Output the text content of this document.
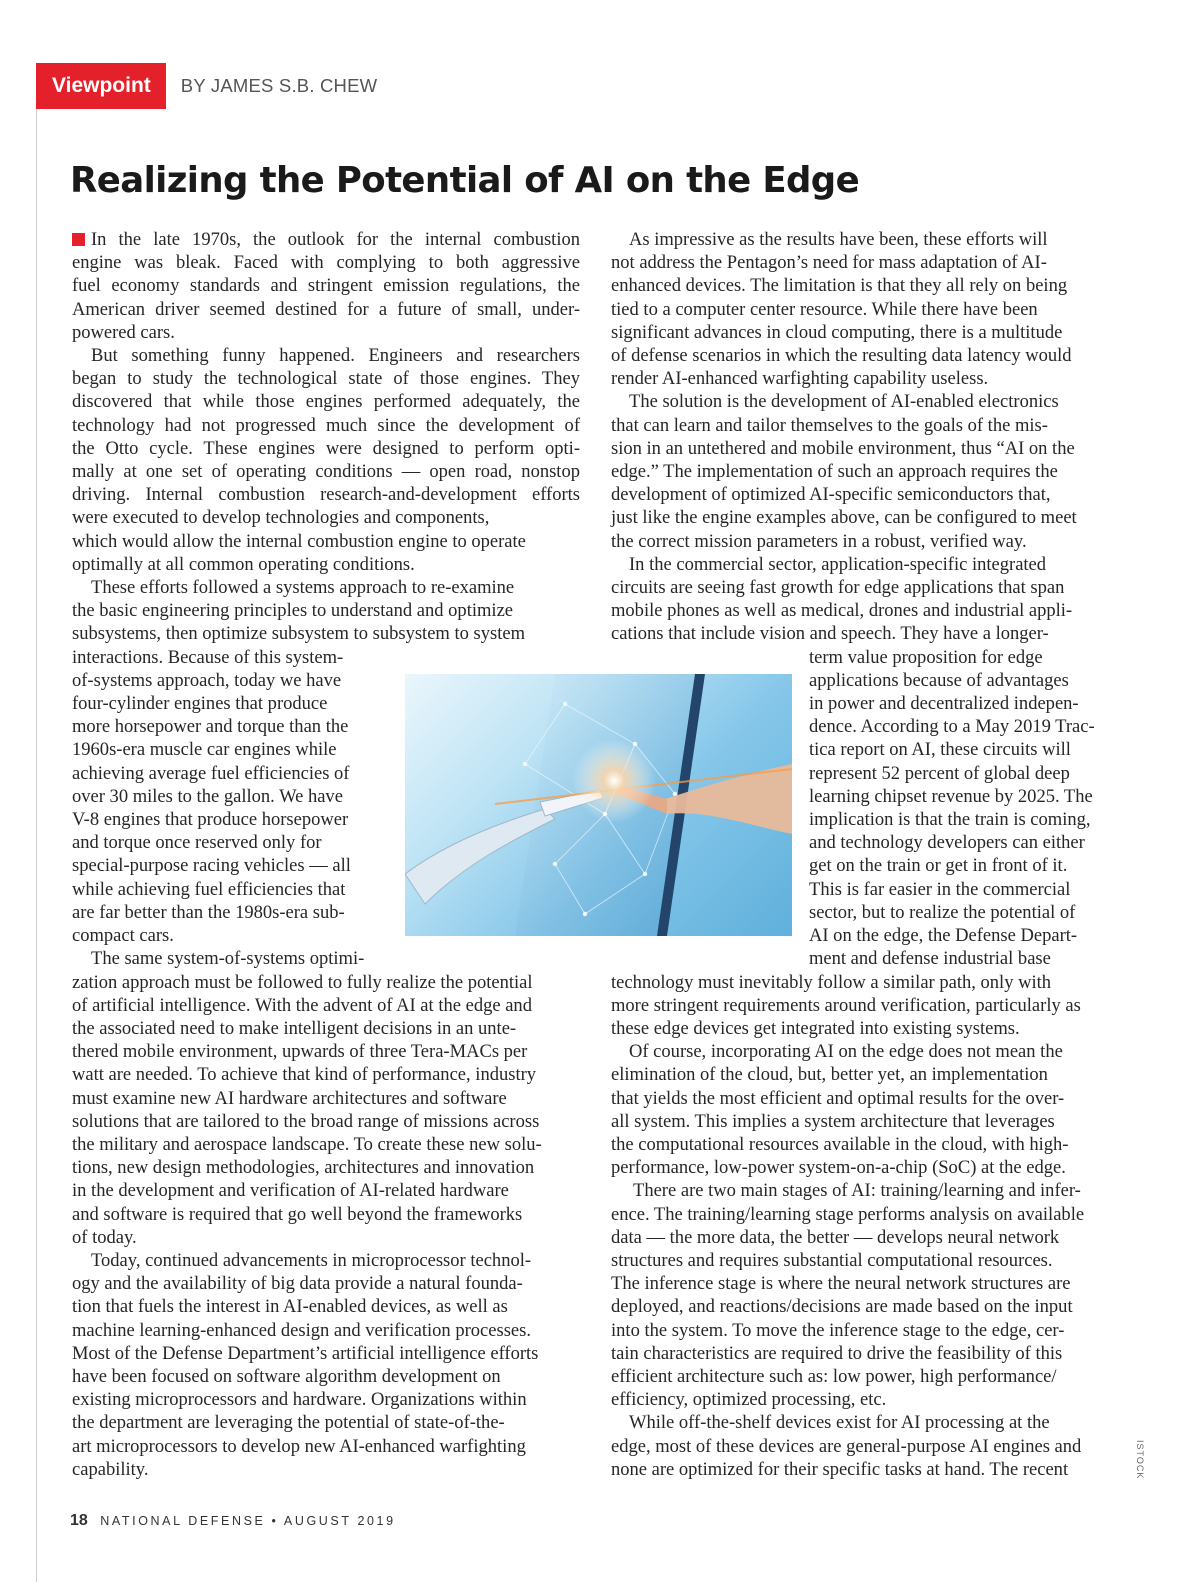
Viewpoint	BY JAMES S.B. CHEW
Realizing the Potential of AI on the Edge

In the late 1970s, the outlook for the internal combustion
engine was bleak. Faced with complying to both aggressive
fuel economy standards and stringent emission regulations, the
American driver seemed destined for a future of small, under-
powered cars.

But something funny happened. Engineers and researchers
began to study the technological state of those engines. They
discovered that while those engines performed adequately, the
technology had not progressed much since the development of
the Otto cycle. These engines were designed to perform opti-
mally at one set of operating conditions — open road, nonstop
driving. Internal combustion research-and-development efforts
were executed to develop technologies and components,
which would allow the internal combustion engine to operate
optimally at all common operating conditions.

These efforts followed a systems approach to re-examine
the basic engineering principles to understand and optimize
subsystems, then optimize subsystem to subsystem to system
interactions. Because of this system-
of-systems approach, today we have
four-cylinder engines that produce
more horsepower and torque than the
1960s-era muscle car engines while
achieving average fuel efficiencies of
over 30 miles to the gallon. We have
V-8 engines that produce horsepower
and torque once reserved only for
special-purpose racing vehicles — all
while achieving fuel efficiencies that
are far better than the 1980s-era sub-
compact cars.

The same system-of-systems optimi-
zation approach must be followed to fully realize the potential
of artificial intelligence. With the advent of AI at the edge and
the associated need to make intelligent decisions in an unte-
thered mobile environment, upwards of three Tera-MACs per
watt are needed. To achieve that kind of performance, industry
must examine new AI hardware architectures and software
solutions that are tailored to the broad range of missions across
the military and aerospace landscape. To create these new solu-
tions, new design methodologies, architectures and innovation
in the development and verification of AI-related hardware
and software is required that go well beyond the frameworks
of today.

Today, continued advancements in microprocessor technol-
ogy and the availability of big data provide a natural founda-
tion that fuels the interest in AI-enabled devices, as well as
machine learning-enhanced design and verification processes.
Most of the Defense Department’s artificial intelligence efforts
have been focused on software algorithm development on
existing microprocessors and hardware. Organizations within
the department are leveraging the potential of state-of-the-
art microprocessors to develop new AI-enhanced warfighting
capability.

As impressive as the results have been, these efforts will
not address the Pentagon’s need for mass adaptation of AI-
enhanced devices. The limitation is that they all rely on being
tied to a computer center resource. While there have been
significant advances in cloud computing, there is a multitude
of defense scenarios in which the resulting data latency would
render AI-enhanced warfighting capability useless.

The solution is the development of AI-enabled electronics
that can learn and tailor themselves to the goals of the mis-
sion in an untethered and mobile environment, thus “AI on the
edge.” The implementation of such an approach requires the
development of optimized AI-specific semiconductors that,
just like the engine examples above, can be configured to meet
the correct mission parameters in a robust, verified way.

In the commercial sector, application-specific integrated
circuits are seeing fast growth for edge applications that span
mobile phones as well as medical, drones and industrial appli-
cations that include vision and speech. They have a longer-
term value proposition for edge
applications because of advantages
in power and decentralized indepen-
dence. According to a May 2019 Trac-
tica report on AI, these circuits will
represent 52 percent of global deep
learning chipset revenue by 2025. The
implication is that the train is coming,
and technology developers can either
get on the train or get in front of it.
This is far easier in the commercial
sector, but to realize the potential of
AI on the edge, the Defense Depart-
ment and defense industrial base
technology must inevitably follow a similar path, only with
more stringent requirements around verification, particularly as
these edge devices get integrated into existing systems.

Of course, incorporating AI on the edge does not mean the
elimination of the cloud, but, better yet, an implementation
that yields the most efficient and optimal results for the over-
all system. This implies a system architecture that leverages
the computational resources available in the cloud, with high-
performance, low-power system-on-a-chip (SoC) at the edge.

There are two main stages of AI: training/learning and infer-
ence. The training/learning stage performs analysis on available
data — the more data, the better — develops neural network
structures and requires substantial computational resources.
The inference stage is where the neural network structures are
deployed, and reactions/decisions are made based on the input
into the system. To move the inference stage to the edge, cer-
tain characteristics are required to drive the feasibility of this
efficient architecture such as: low power, high performance/
efficiency, optimized processing, etc.

While off-the-shelf devices exist for AI processing at the
edge, most of these devices are general-purpose AI engines and
none are optimized for their specific tasks at hand. The recent	ISTOCK
18 NATIONAL DEFENSE • AUGUST 2019
